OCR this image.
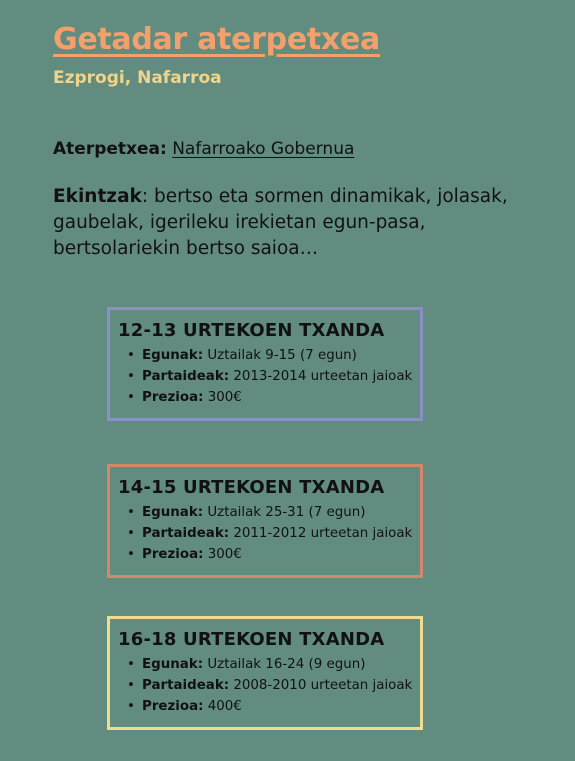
Getadar aterpetxea
Ezprogi, Nafarroa
Aterpetxea: Nafarroako Gobernua
Ekintzak: bertso eta sormen dinamikak, jolasak, gaubelak, igerileku irekietan egun-pasa, bertsolariekin bertso saioa…
12-13 URTEKOEN TXANDA
• Egunak: Uztailak 9-15 (7 egun)
• Partaideak: 2013-2014 urteetan jaioak
• Prezioa: 300€
14-15 URTEKOEN TXANDA
• Egunak: Uztailak 25-31 (7 egun)
• Partaideak: 2011-2012 urteetan jaioak
• Prezioa: 300€
16-18 URTEKOEN TXANDA
• Egunak: Uztailak 16-24 (9 egun)
• Partaideak: 2008-2010 urteetan jaioak
• Prezioa: 400€
